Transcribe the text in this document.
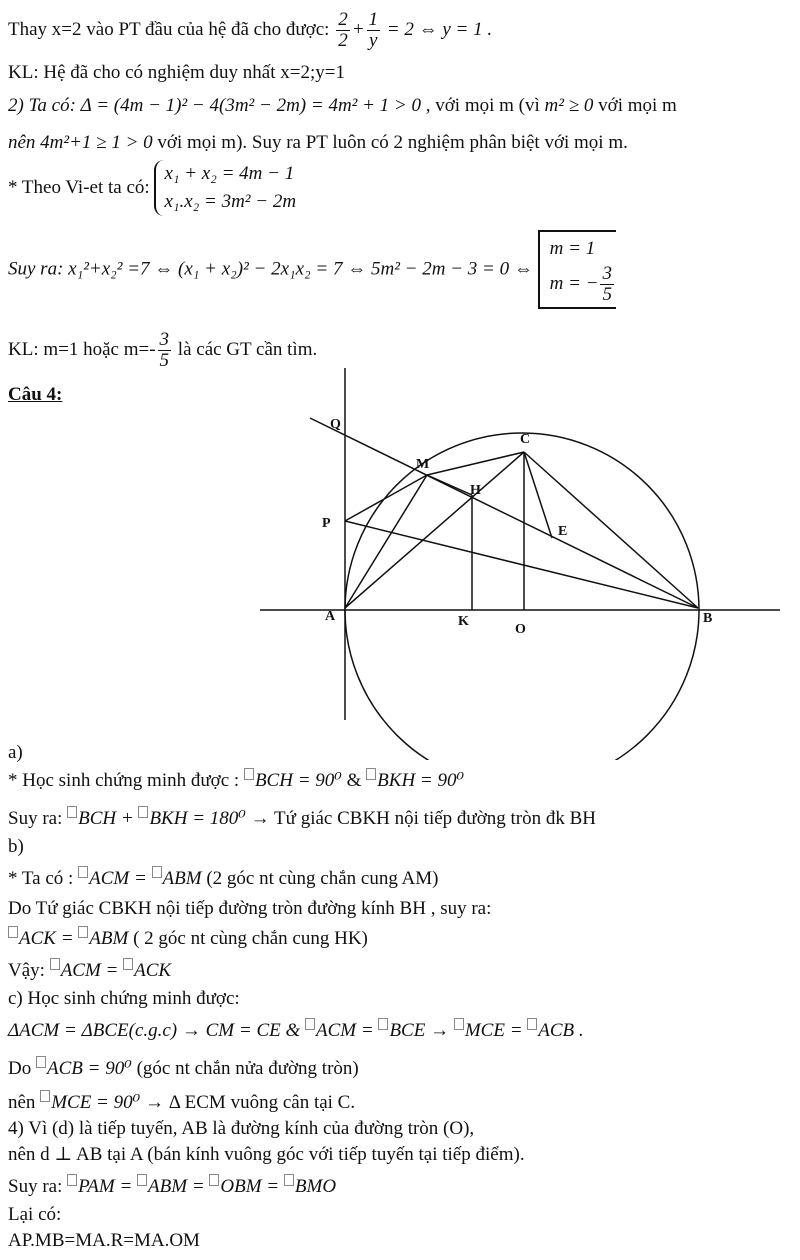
Thay x=2 vào PT đầu của hệ đã cho được: $\frac{2}{2} + \frac{1}{y} = 2$ ⇔ y = 1 .
KL: Hệ đã cho có nghiệm duy nhất x=2;y=1
2) Ta có: Δ = (4m − 1)² − 4(3m² − 2m) = 4m² + 1 > 0 , với mọi m (vì m² ≥ 0 với mọi m
nên 4m²+1 ≥ 1 > 0 với mọi m). Suy ra PT luôn có 2 nghiệm phân biệt với mọi m.
* Theo Vi-et ta có:
x₁ + x₂ = 4m − 1
x₁.x₂ = 3m² − 2m
Suy ra: x₁²+x₂² =7 ⇔ (x₁ + x₂)² − 2x₁x₂ = 7 ⇔ 5m² − 2m − 3 = 0 ⇔
m = 1
m = − $\frac{3}{5}$
KL: m=1 hoặc $m=- \frac{3}{5}$ là các GT cần tìm.
Câu 4:
Q
M
C
H
P
E
A	K
O
B
a)
* Học sinh chứng minh được : BCH = 90⁰ & BKH = 90⁰
Suy ra: BCH + BKH = 180⁰ → Tứ giác CBKH nội tiếp đường tròn đk BH
b)
* Ta có : ACM = ABM (2 góc nt cùng chắn cung AM)
Do Tứ giác CBKH nội tiếp đường tròn đường kính BH , suy ra:
ACK = ABM ( 2 góc nt cùng chắn cung HK)
Vậy: ACM = ACK
c) Học sinh chứng minh được:
ΔACM = ΔBCE(c.g.c) → CM = CE & ACM = BCE → MCE = ACB .
Do ACB = 90⁰ (góc nt chắn nửa đường tròn)
nên MCE = 90⁰ → Δ ECM vuông cân tại C.
4) Vì (d) là tiếp tuyến, AB là đường kính của đường tròn (O),
nên d ⊥ AB tại A (bán kính vuông góc với tiếp tuyến tại tiếp điểm).
Suy ra: PAM = ABM = OBM = BMO
Lại có:
AP.MB=MA.R=MA.OM
